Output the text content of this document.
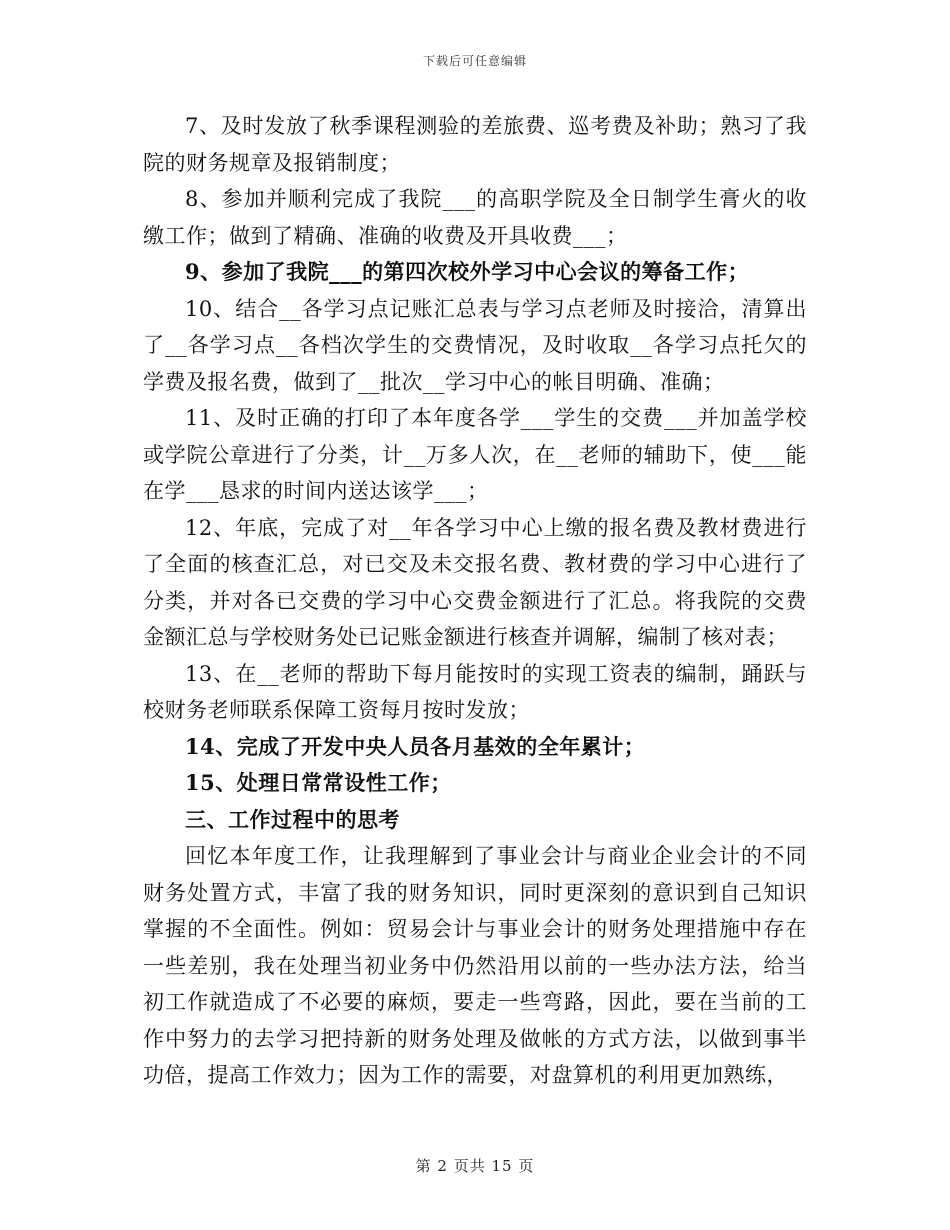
下载后可任意编辑

7、及时发放了秋季课程测验的差旅费、巡考费及补助；熟习了我院的财务规章及报销制度；

8、参加并顺利完成了我院___的高职学院及全日制学生膏火的收缴工作；做到了精确、准确的收费及开具收费___；

9、参加了我院___的第四次校外学习中心会议的筹备工作；

10、结合__各学习点记账汇总表与学习点老师及时接洽，清算出了__各学习点__各档次学生的交费情况，及时收取__各学习点托欠的学费及报名费，做到了__批次__学习中心的帐目明确、准确；

11、及时正确的打印了本年度各学___学生的交费___并加盖学校或学院公章进行了分类，计__万多人次，在__老师的辅助下，使___能在学___恳求的时间内送达该学___；

12、年底，完成了对__年各学习中心上缴的报名费及教材费进行了全面的核查汇总，对已交及未交报名费、教材费的学习中心进行了分类，并对各已交费的学习中心交费金额进行了汇总。将我院的交费金额汇总与学校财务处已记账金额进行核查并调解，编制了核对表；

13、在__老师的帮助下每月能按时的实现工资表的编制，踊跃与校财务老师联系保障工资每月按时发放；

14、完成了开发中央人员各月基效的全年累计；

15、处理日常常设性工作；

三、工作过程中的思考

回忆本年度工作，让我理解到了事业会计与商业企业会计的不同财务处置方式，丰富了我的财务知识，同时更深刻的意识到自己知识掌握的不全面性。例如：贸易会计与事业会计的财务处理措施中存在一些差别，我在处理当初业务中仍然沿用以前的一些办法方法，给当初工作就造成了不必要的麻烦，要走一些弯路，因此，要在当前的工作中努力的去学习把持新的财务处理及做帐的方式方法，以做到事半功倍，提高工作效力；因为工作的需要，对盘算机的利用更加熟练，

第 2 页共 15 页
